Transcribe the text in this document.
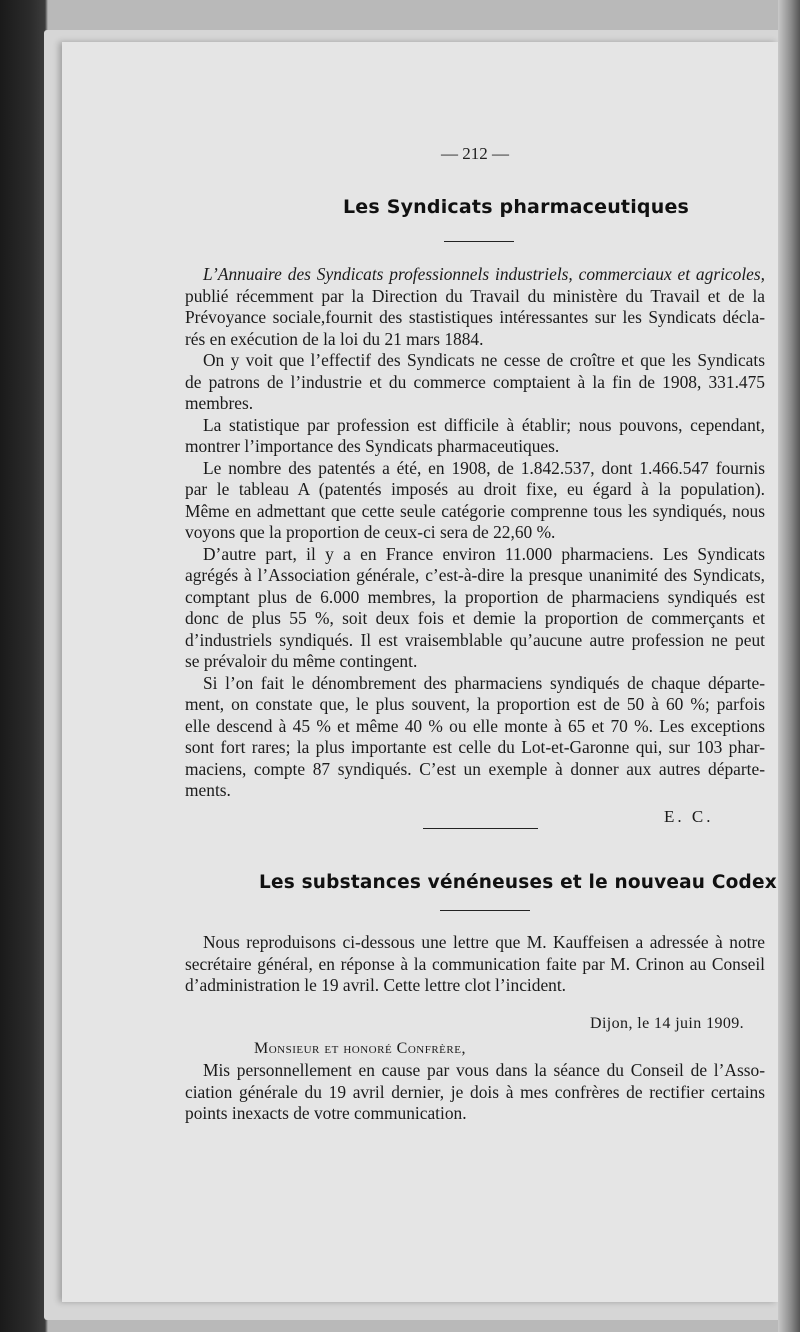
— 212 —
Les Syndicats pharmaceutiques
L’Annuaire des Syndicats professionnels industriels, commerciaux et agricoles,
publié récemment par la Direction du Travail du ministère du Travail et de la
Prévoyance sociale,fournit des stastistiques intéressantes sur les Syndicats décla-
rés en exécution de la loi du 21 mars 1884.
On y voit que l’effectif des Syndicats ne cesse de croître et que les Syndicats
de patrons de l’industrie et du commerce comptaient à la fin de 1908, 331.475
membres.
La statistique par profession est difficile à établir; nous pouvons, cependant,
montrer l’importance des Syndicats pharmaceutiques.
Le nombre des patentés a été, en 1908, de 1.842.537, dont 1.466.547 fournis
par le tableau A (patentés imposés au droit fixe, eu égard à la population).
Même en admettant que cette seule catégorie comprenne tous les syndiqués, nous
voyons que la proportion de ceux-ci sera de 22,60 %.
D’autre part, il y a en France environ 11.000 pharmaciens. Les Syndicats
agrégés à l’Association générale, c’est-à-dire la presque unanimité des Syndicats,
comptant plus de 6.000 membres, la proportion de pharmaciens syndiqués est
donc de plus 55 %, soit deux fois et demie la proportion de commerçants et
d’industriels syndiqués. Il est vraisemblable qu’aucune autre profession ne peut
se prévaloir du même contingent.
Si l’on fait le dénombrement des pharmaciens syndiqués de chaque départe-
ment, on constate que, le plus souvent, la proportion est de 50 à 60 %; parfois
elle descend à 45 % et même 40 % ou elle monte à 65 et 70 %. Les exceptions
sont fort rares; la plus importante est celle du Lot-et-Garonne qui, sur 103 phar-
maciens, compte 87 syndiqués. C’est un exemple à donner aux autres départe-
ments.
E. C.
Les substances vénéneuses et le nouveau Codex
Nous reproduisons ci-dessous une lettre que M. Kauffeisen a adressée à notre
secrétaire général, en réponse à la communication faite par M. Crinon au Conseil
d’administration le 19 avril. Cette lettre clot l’incident.
Dijon, le 14 juin 1909.
Monsieur et honoré Confrère,
Mis personnellement en cause par vous dans la séance du Conseil de l’Asso-
ciation générale du 19 avril dernier, je dois à mes confrères de rectifier certains
points inexacts de votre communication.
